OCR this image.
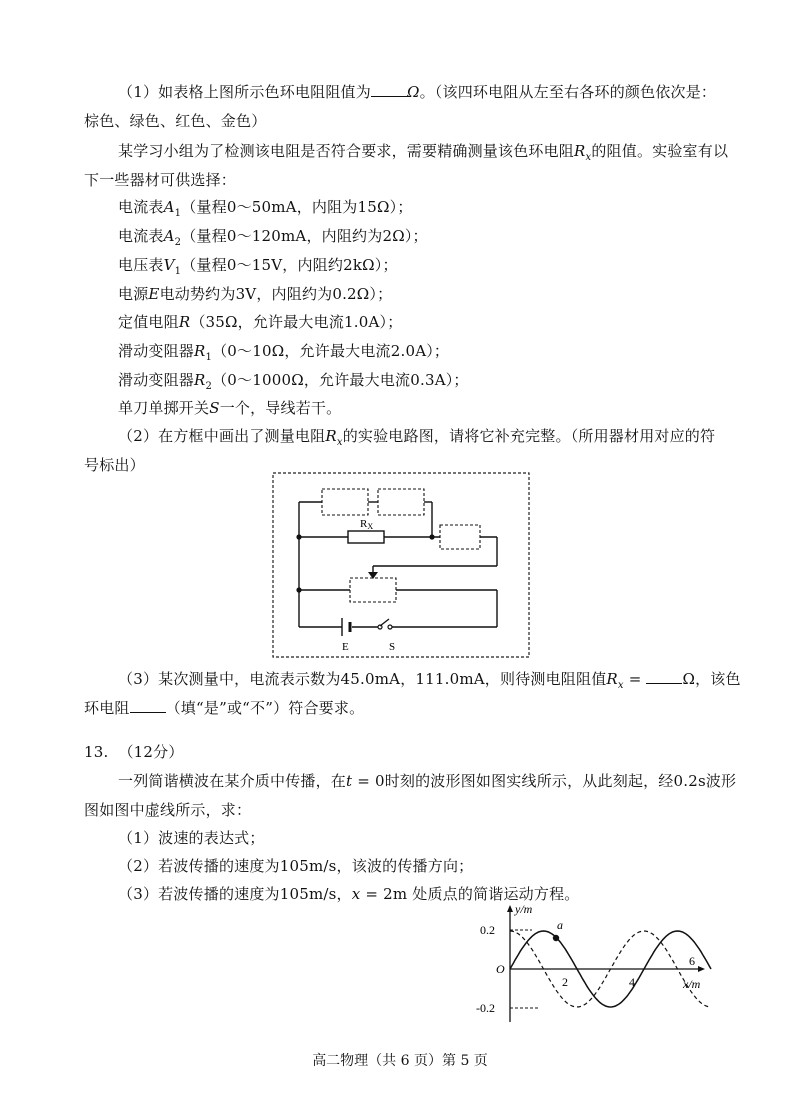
（1）如表格上图所示色环电阻阻值为 Ω。（该四环电阻从左至右各环的颜色依次是：
棕色、绿色、红色、金色）
某学习小组为了检测该电阻是否符合要求，需要精确测量该色环电阻$R_x$的阻值。实验室有以
下一些器材可供选择：
电流表$A_1$（量程0～50mA，内阻为15Ω）；
电流表$A_2$（量程0～120mA，内阻约为2Ω）；
电压表$V_1$（量程0～15V，内阻约2kΩ）；
电源E电动势约为3V，内阻约为0.2Ω）；
定值电阻R（35Ω，允许最大电流1.0A）；
滑动变阻器$R_1(0\sim 10\Omega$，允许最大电流2.0A）；
滑动变阻器$R_2(0\sim 1000\Omega$，允许最大电流0.3A）；
单刀单掷开关S一个，导线若干。
（2）在方框中画出了测量电阻$R_x$的实验电路图，请将它补充完整。（所用器材用对应的符
号标出）
RX
E	S
（3）某次测量中，电流表示数为45.0mA，111.0mA，则待测电阻阻值$R_x = \Omega$，该色
环电阻 （填“是”或“不”）符合要求。
13. （12分）
一列简谐横波在某介质中传播，在t = 0时刻的波形图如图实线所示，从此刻起，经0.2s波形
图如图中虚线所示，求：
（1）波速的表达式；
（2）若波传播的速度为105m/s，该波的传播方向；
（3）若波传播的速度为105m/s，x = 2m 处质点的简谐运动方程。
a
y/m
x/m
0.2
-0.2
O
2	4
6
高二物理（共 6 页）第 5 页
